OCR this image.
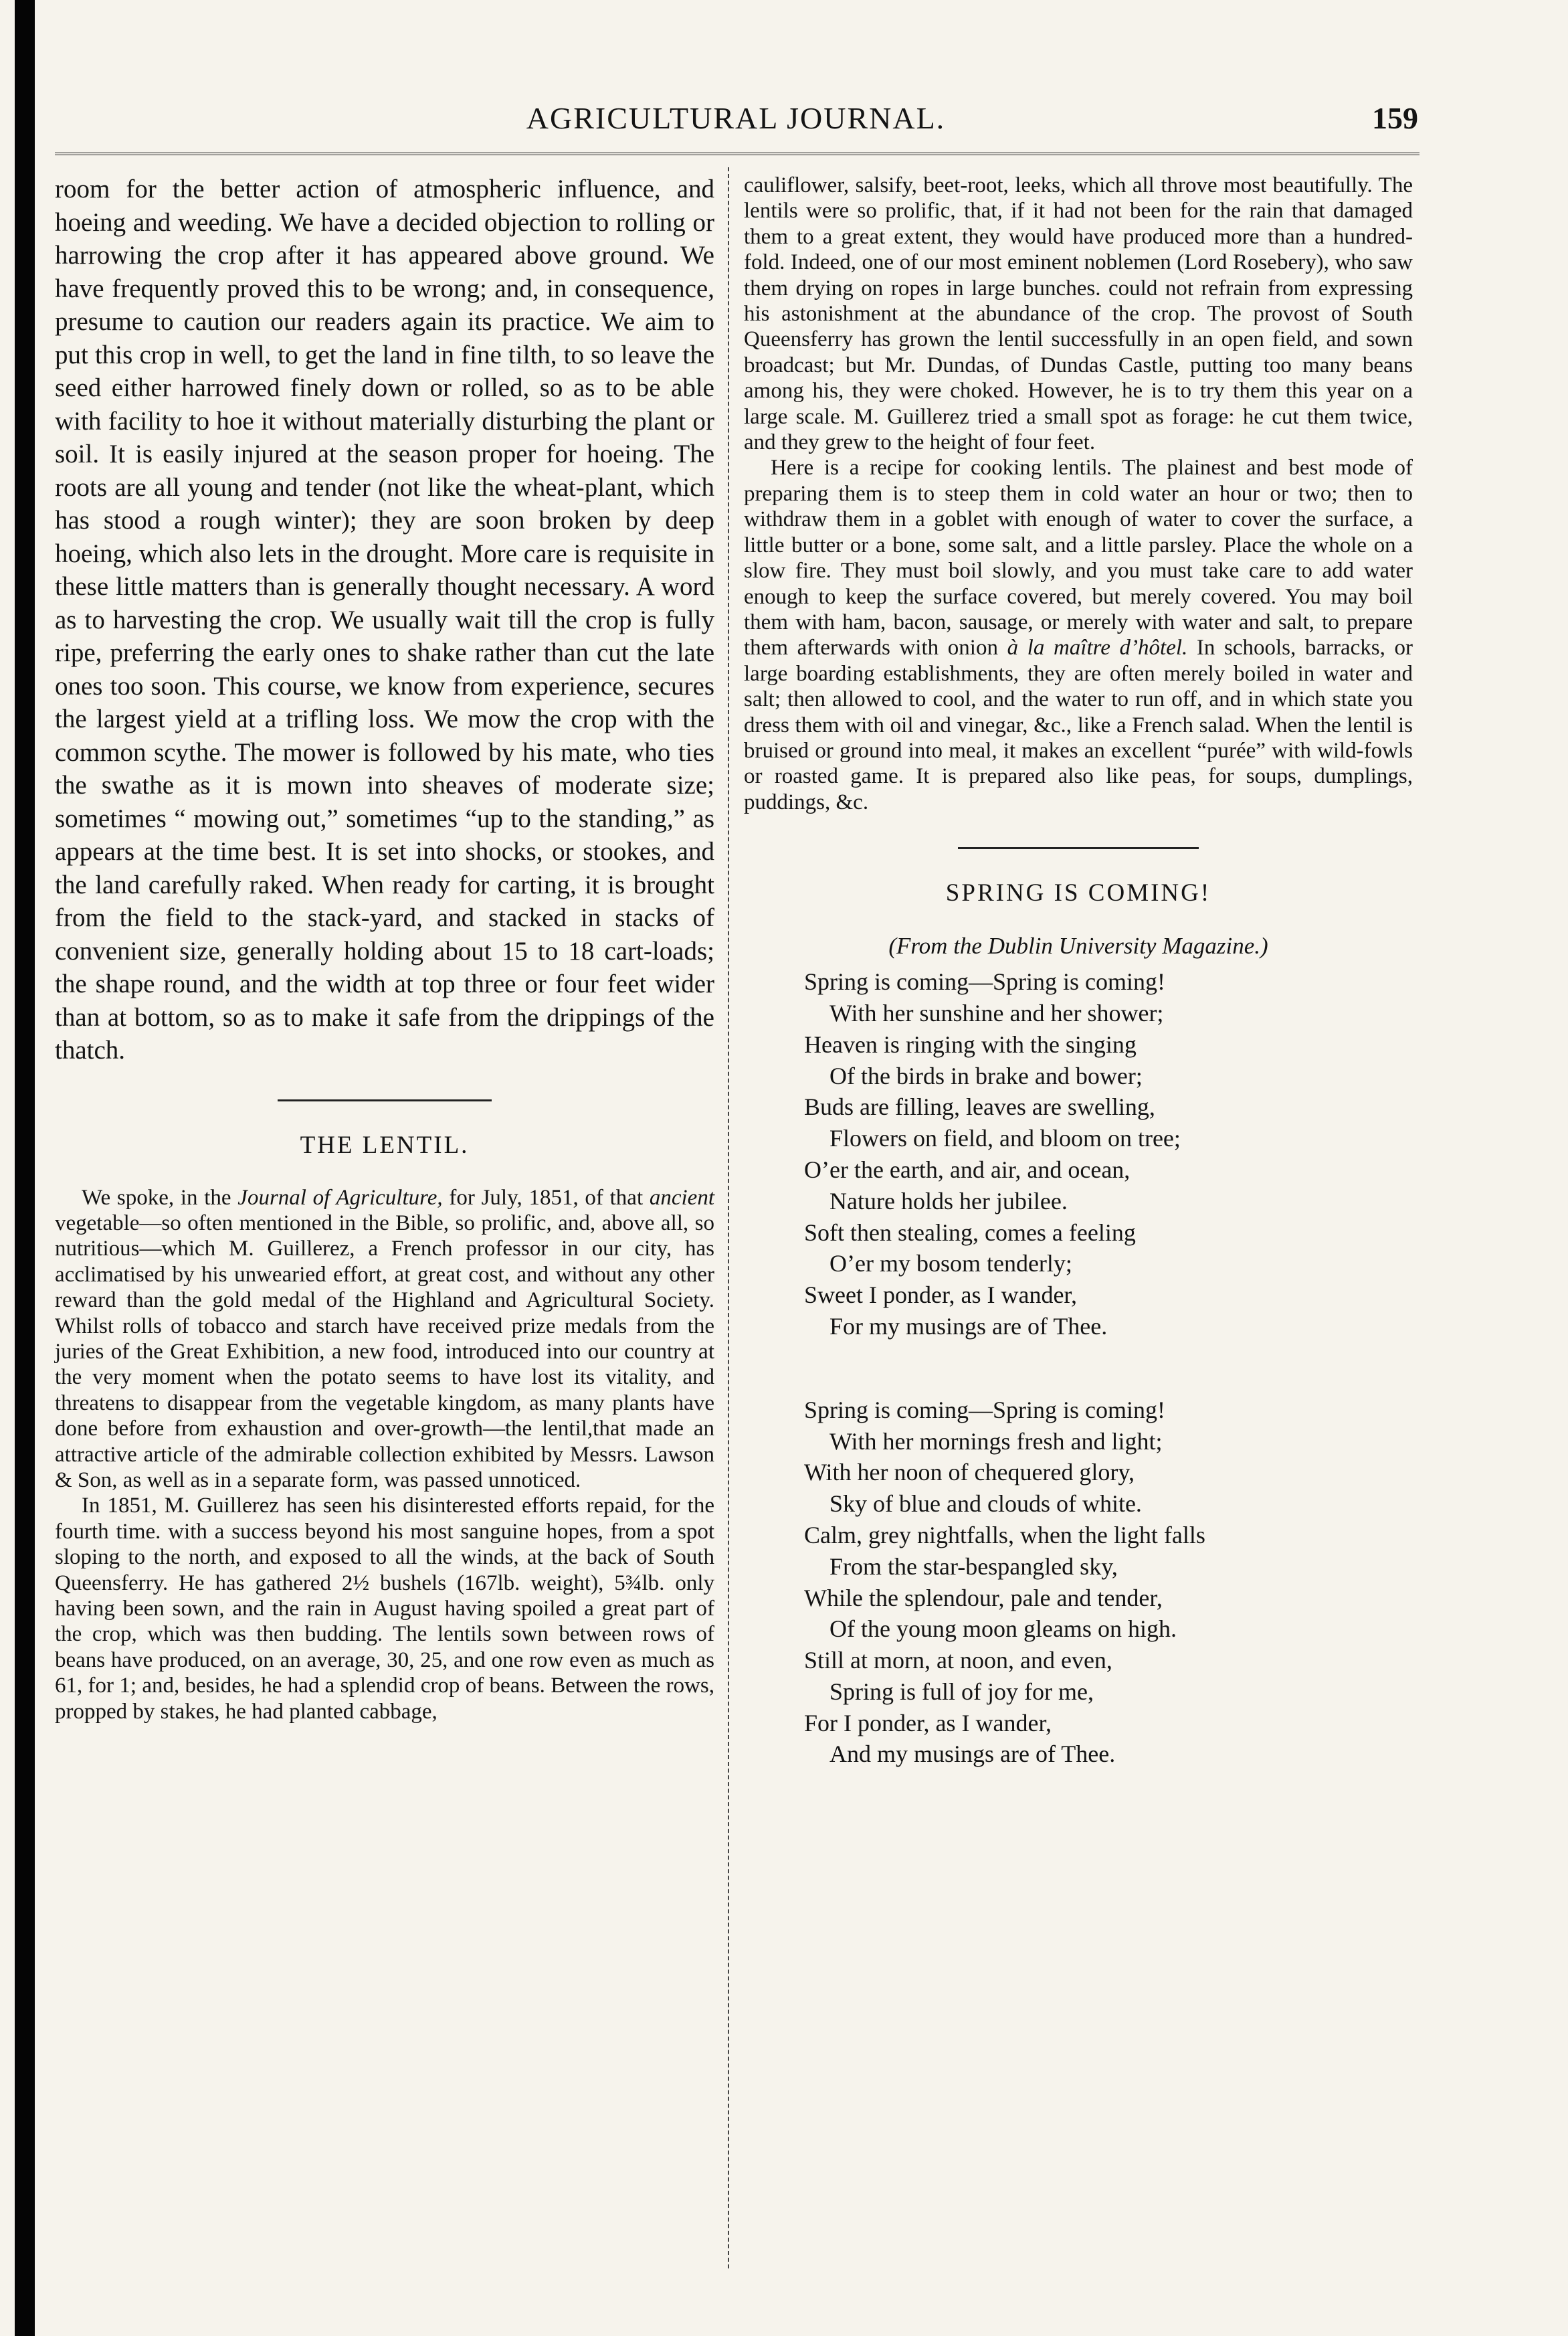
AGRICULTURAL JOURNAL.	159

room for the better action of atmospheric influence, and hoeing and weeding. We have a decided objection to rolling or harrowing the crop after it has appeared above ground. We have frequently proved this to be wrong; and, in consequence, presume to caution our readers again its practice. We aim to put this crop in well, to get the land in fine tilth, to so leave the seed either harrowed finely down or rolled, so as to be able with facility to hoe it without materially disturbing the plant or soil. It is easily injured at the season proper for hoeing. The roots are all young and tender (not like the wheat-plant, which has stood a rough winter); they are soon broken by deep hoeing, which also lets in the drought. More care is requisite in these little matters than is generally thought necessary. A word as to harvesting the crop. We usually wait till the crop is fully ripe, preferring the early ones to shake rather than cut the late ones too soon. This course, we know from experience, secures the largest yield at a trifling loss. We mow the crop with the common scythe. The mower is followed by his mate, who ties the swathe as it is mown into sheaves of moderate size; sometimes “ mowing out,” sometimes “up to the standing,” as appears at the time best. It is set into shocks, or stookes, and the land carefully raked. When ready for carting, it is brought from the field to the stack-yard, and stacked in stacks of convenient size, generally holding about 15 to 18 cart-loads; the shape round, and the width at top three or four feet wider than at bottom, so as to make it safe from the drippings of the thatch.

THE LENTIL.

We spoke, in the Journal of Agriculture, for July, 1851, of that ancient vegetable—so often mentioned in the Bible, so prolific, and, above all, so nutritious—which M. Guillerez, a French professor in our city, has acclimatised by his unwearied effort, at great cost, and without any other reward than the gold medal of the Highland and Agricultural Society. Whilst rolls of tobacco and starch have received prize medals from the juries of the Great Exhibition, a new food, introduced into our country at the very moment when the potato seems to have lost its vitality, and threatens to disappear from the vegetable kingdom, as many plants have done before from exhaustion and over-growth—the lentil,that made an attractive article of the admirable collection exhibited by Messrs. Lawson & Son, as well as in a separate form, was passed unnoticed.

In 1851, M. Guillerez has seen his disinterested efforts repaid, for the fourth time. with a success beyond his most sanguine hopes, from a spot sloping to the north, and exposed to all the winds, at the back of South Queensferry. He has gathered 2½ bushels (167lb. weight), 5¾lb. only having been sown, and the rain in August having spoiled a great part of the crop, which was then budding. The lentils sown between rows of beans have produced, on an average, 30, 25, and one row even as much as 61, for 1; and, besides, he had a splendid crop of beans. Between the rows, propped by stakes, he had planted cabbage,

cauliflower, salsify, beet-root, leeks, which all throve most beautifully. The lentils were so prolific, that, if it had not been for the rain that damaged them to a great extent, they would have produced more than a hundred-fold. Indeed, one of our most eminent noblemen (Lord Rosebery), who saw them drying on ropes in large bunches. could not refrain from expressing his astonishment at the abundance of the crop. The provost of South Queensferry has grown the lentil successfully in an open field, and sown broadcast; but Mr. Dundas, of Dundas Castle, putting too many beans among his, they were choked. However, he is to try them this year on a large scale. M. Guillerez tried a small spot as forage: he cut them twice, and they grew to the height of four feet.

Here is a recipe for cooking lentils. The plainest and best mode of preparing them is to steep them in cold water an hour or two; then to withdraw them in a goblet with enough of water to cover the surface, a little butter or a bone, some salt, and a little parsley. Place the whole on a slow fire. They must boil slowly, and you must take care to add water enough to keep the surface covered, but merely covered. You may boil them with ham, bacon, sausage, or merely with water and salt, to prepare them afterwards with onion à la maître d’hôtel. In schools, barracks, or large boarding establishments, they are often merely boiled in water and salt; then allowed to cool, and the water to run off, and in which state you dress them with oil and vinegar, &c., like a French salad. When the lentil is bruised or ground into meal, it makes an excellent “purée” with wild-fowls or roasted game. It is prepared also like peas, for soups, dumplings, puddings, &c.

SPRING IS COMING!
(From the Dublin University Magazine.)
Spring is coming—Spring is coming!
With her sunshine and her shower;
Heaven is ringing with the singing
Of the birds in brake and bower;
Buds are filling, leaves are swelling,
Flowers on field, and bloom on tree;
O’er the earth, and air, and ocean,
Nature holds her jubilee.
Soft then stealing, comes a feeling
O’er my bosom tenderly;
Sweet I ponder, as I wander,
For my musings are of Thee.
Spring is coming—Spring is coming!
With her mornings fresh and light;
With her noon of chequered glory,
Sky of blue and clouds of white.
Calm, grey nightfalls, when the light falls
From the star-bespangled sky,
While the splendour, pale and tender,
Of the young moon gleams on high.
Still at morn, at noon, and even,
Spring is full of joy for me,
For I ponder, as I wander,
And my musings are of Thee.
